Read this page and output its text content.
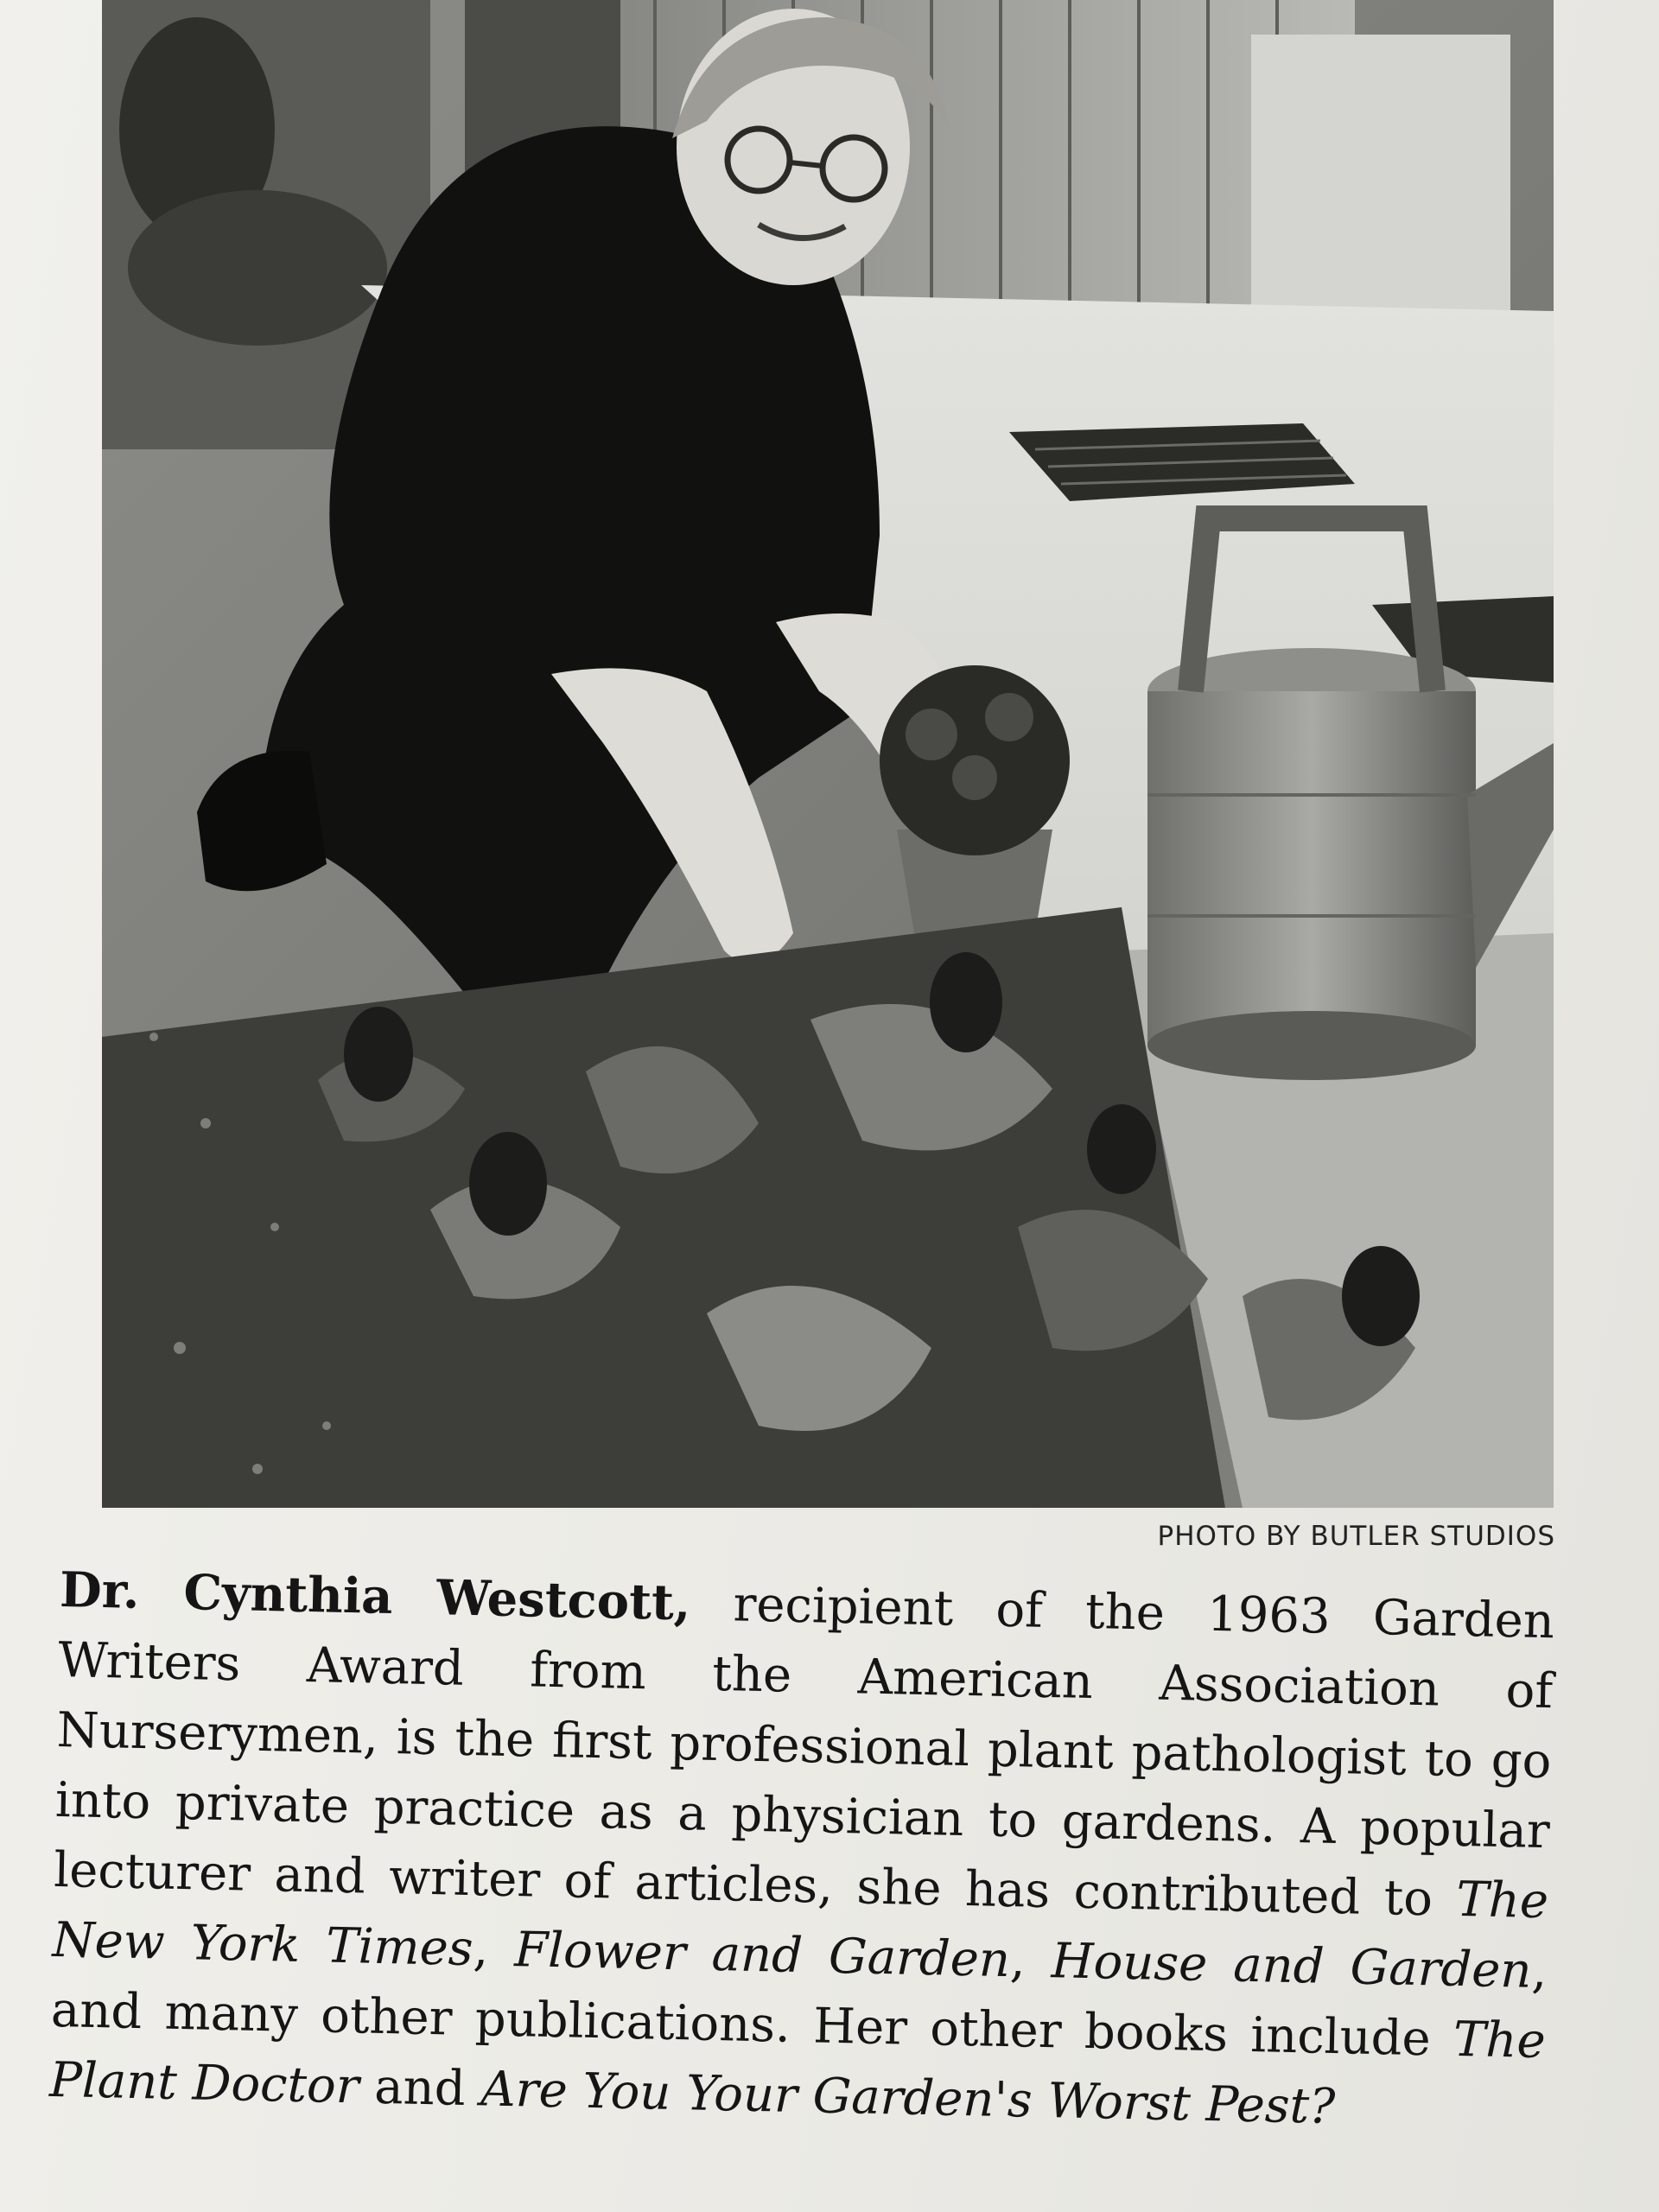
PHOTO BY BUTLER STUDIOS
Dr. Cynthia Westcott, recipient of the 1963 Garden Writers Award from the American Association of Nurserymen, is the first professional plant pathologist to go into private practice as a physician to gardens. A popular lecturer and writer of articles, she has contributed to The New York Times, Flower and Garden, House and Garden, and many other publications. Her other books include The Plant Doctor and Are You Your Garden's Worst Pest?
